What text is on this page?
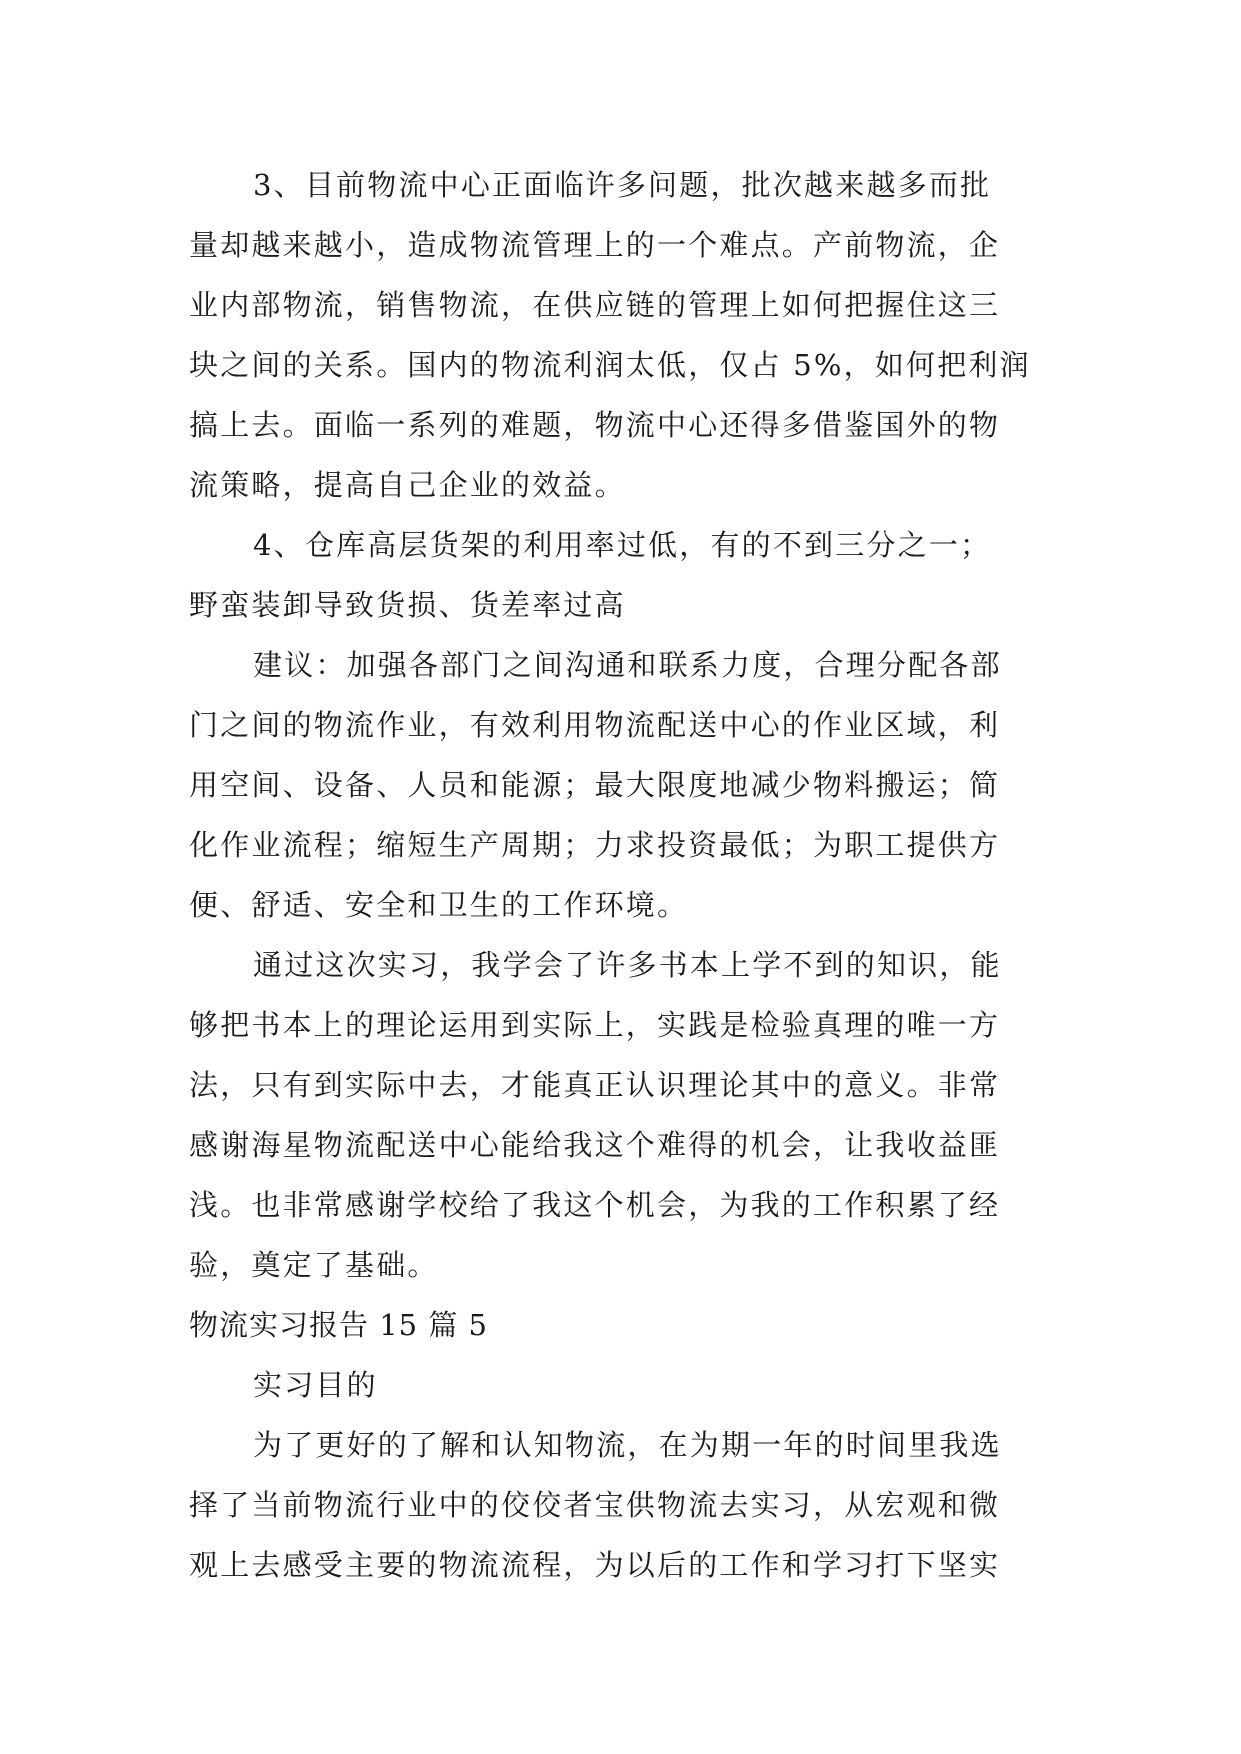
3、目前物流中心正面临许多问题，批次越来越多而批
量却越来越小，造成物流管理上的一个难点。产前物流，企
业内部物流，销售物流，在供应链的管理上如何把握住这三
块之间的关系。国内的物流利润太低，仅占 5%，如何把利润
搞上去。面临一系列的难题，物流中心还得多借鉴国外的物
流策略，提高自己企业的效益。

4、仓库高层货架的利用率过低，有的不到三分之一；
野蛮装卸导致货损、货差率过高

建议：加强各部门之间沟通和联系力度，合理分配各部
门之间的物流作业，有效利用物流配送中心的作业区域，利
用空间、设备、人员和能源；最大限度地减少物料搬运；简
化作业流程；缩短生产周期；力求投资最低；为职工提供方
便、舒适、安全和卫生的工作环境。

通过这次实习，我学会了许多书本上学不到的知识，能
够把书本上的理论运用到实际上，实践是检验真理的唯一方
法，只有到实际中去，才能真正认识理论其中的意义。非常
感谢海星物流配送中心能给我这个难得的机会，让我收益匪
浅。也非常感谢学校给了我这个机会，为我的工作积累了经
验，奠定了基础。

物流实习报告 15 篇 5

实习目的

为了更好的了解和认知物流，在为期一年的时间里我选
择了当前物流行业中的佼佼者宝供物流去实习，从宏观和微
观上去感受主要的物流流程，为以后的工作和学习打下坚实
